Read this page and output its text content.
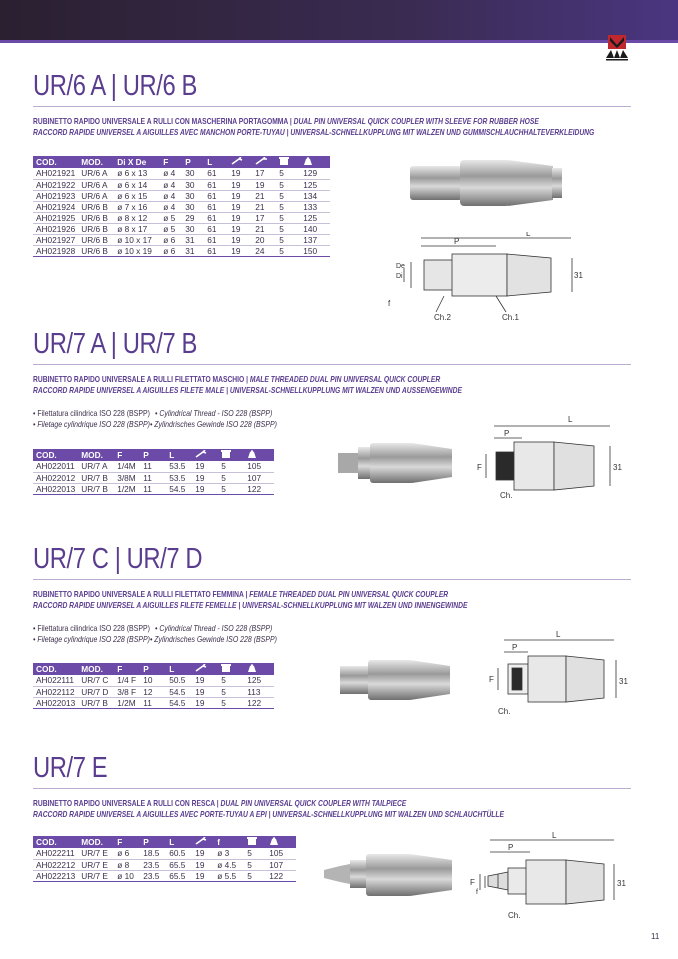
UR/6 A | UR/6 B
RUBINETTO RAPIDO UNIVERSALE A RULLI CON MASCHERINA PORTAGOMMA | DUAL PIN UNIVERSAL QUICK COUPLER WITH SLEEVE FOR RUBBER HOSE
RACCORD RAPIDE UNIVERSEL A AIGUILLES AVEC MANCHON PORTE-TUYAU | UNIVERSAL-SCHNELLKUPPLUNG MIT WALZEN UND GUMMISCHLAUCHHALTEVERKLEIDUNG
COD.	MOD.	Di X De	F	P	L				
AH021921	UR/6 A	ø 6 x 13	ø 4	30	61	19	17	5	129
AH021922	UR/6 A	ø 6 x 14	ø 4	30	61	19	19	5	125
AH021923	UR/6 A	ø 6 x 15	ø 4	30	61	19	21	5	134
AH021924	UR/6 B	ø 7 x 16	ø 4	30	61	19	21	5	133
AH021925	UR/6 B	ø 8 x 12	ø 5	29	61	19	17	5	125
AH021926	UR/6 B	ø 8 x 17	ø 5	30	61	19	21	5	140
AH021927	UR/6 B	ø 10 x 17	ø 6	31	61	19	20	5	137
AH021928	UR/6 B	ø 10 x 19	ø 6	31	61	19	24	5	150
L
P
Ch.2	Ch.1
f
31
De
Di
UR/7 A | UR/7 B
RUBINETTO RAPIDO UNIVERSALE A RULLI FILETTATO MASCHIO | MALE THREADED DUAL PIN UNIVERSAL QUICK COUPLER
RACCORD RAPIDE UNIVERSEL A AIGUILLES FILETE MALE | UNIVERSAL-SCHNELLKUPPLUNG MIT WALZEN UND AUSSENGEWINDE
• Filettatura cilindrica ISO 228 (BSPP) • Cylindrical Thread - ISO 228 (BSPP)
• Filetage cylindrique ISO 228 (BSPP)• Zylindrisches Gewinde ISO 228 (BSPP)
COD.	MOD.	F	P	L			
AH022011	UR/7 A	1/4M	11	53.5	19	5	105
AH022012	UR/7 B	3/8M	11	53.5	19	5	107
AH022013	UR/7 B	1/2M	11	54.5	19	5	122
L
P
F
Ch.
31
UR/7 C | UR/7 D
RUBINETTO RAPIDO UNIVERSALE A RULLI FILETTATO FEMMINA | FEMALE THREADED DUAL PIN UNIVERSAL QUICK COUPLER
RACCORD RAPIDE UNIVERSEL A AIGUILLES FILETE FEMELLE | UNIVERSAL-SCHNELLKUPPLUNG MIT WALZEN UND INNENGEWINDE
• Filettatura cilindrica ISO 228 (BSPP) • Cylindrical Thread - ISO 228 (BSPP)
• Filetage cylindrique ISO 228 (BSPP)• Zylindrisches Gewinde ISO 228 (BSPP)
COD.	MOD.	F	P	L			
AH022111	UR/7 C	1/4 F	10	50.5	19	5	125
AH022112	UR/7 D	3/8 F	12	54.5	19	5	113
AH022013	UR/7 B	1/2M	11	54.5	19	5	122
L
P
F
Ch.
31
UR/7 E
RUBINETTO RAPIDO UNIVERSALE A RULLI CON RESCA | DUAL PIN UNIVERSAL QUICK COUPLER WITH TAILPIECE
RACCORD RAPIDE UNIVERSEL A AIGUILLES AVEC PORTE-TUYAU A EPI | UNIVERSAL-SCHNELLKUPPLUNG MIT WALZEN UND SCHLAUCHTÜLLE
COD.	MOD.	F	P	L		f		
AH022211	UR/7 E	ø 6	18.5	60.5	19	ø 3	5	105
AH022212	UR/7 E	ø 8	23.5	65.5	19	ø 4.5	5	107
AH022213	UR/7 E	ø 10	23.5	65.5	19	ø 5.5	5	122
L
P
F
f
Ch.
31
11
